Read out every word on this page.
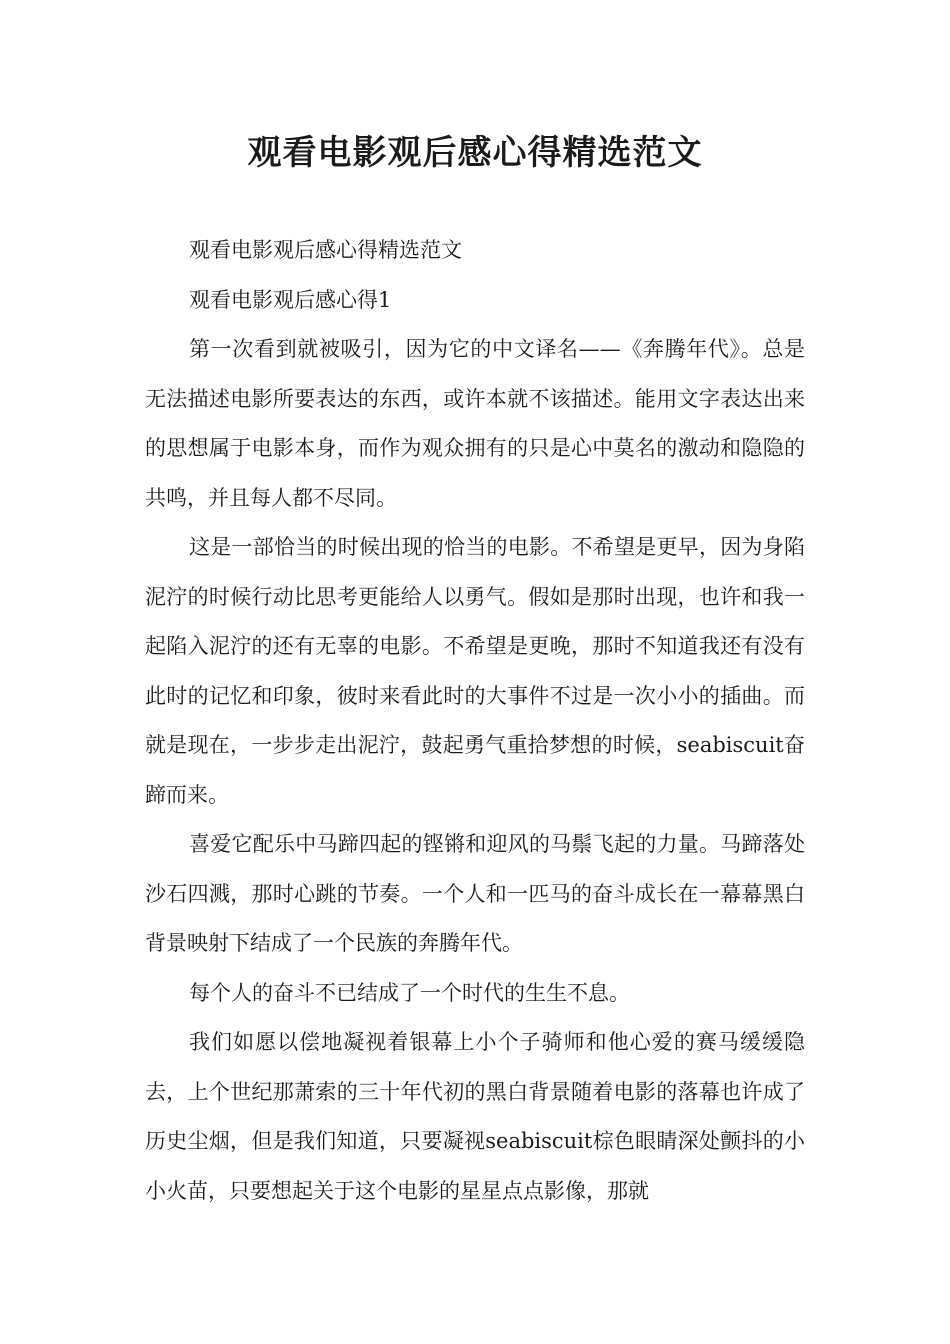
观看电影观后感心得精选范文

观看电影观后感心得精选范文

观看电影观后感心得1

第一次看到就被吸引，因为它的中文译名——《奔腾年代》。总是无法描述电影所要表达的东西，或许本就不该描述。能用文字表达出来的思想属于电影本身，而作为观众拥有的只是心中莫名的激动和隐隐的共鸣，并且每人都不尽同。

这是一部恰当的时候出现的恰当的电影。不希望是更早，因为身陷泥泞的时候行动比思考更能给人以勇气。假如是那时出现，也许和我一起陷入泥泞的还有无辜的电影。不希望是更晚，那时不知道我还有没有此时的记忆和印象，彼时来看此时的大事件不过是一次小小的插曲。而就是现在，一步步走出泥泞，鼓起勇气重拾梦想的时候，seabiscuit奋蹄而来。

喜爱它配乐中马蹄四起的铿锵和迎风的马鬃飞起的力量。马蹄落处沙石四溅，那时心跳的节奏。一个人和一匹马的奋斗成长在一幕幕黑白背景映射下结成了一个民族的奔腾年代。

每个人的奋斗不已结成了一个时代的生生不息。

我们如愿以偿地凝视着银幕上小个子骑师和他心爱的赛马缓缓隐去，上个世纪那萧索的三十年代初的黑白背景随着电影的落幕也许成了历史尘烟，但是我们知道，只要凝视seabiscuit棕色眼睛深处颤抖的小小火苗，只要想起关于这个电影的星星点点影像，那就
